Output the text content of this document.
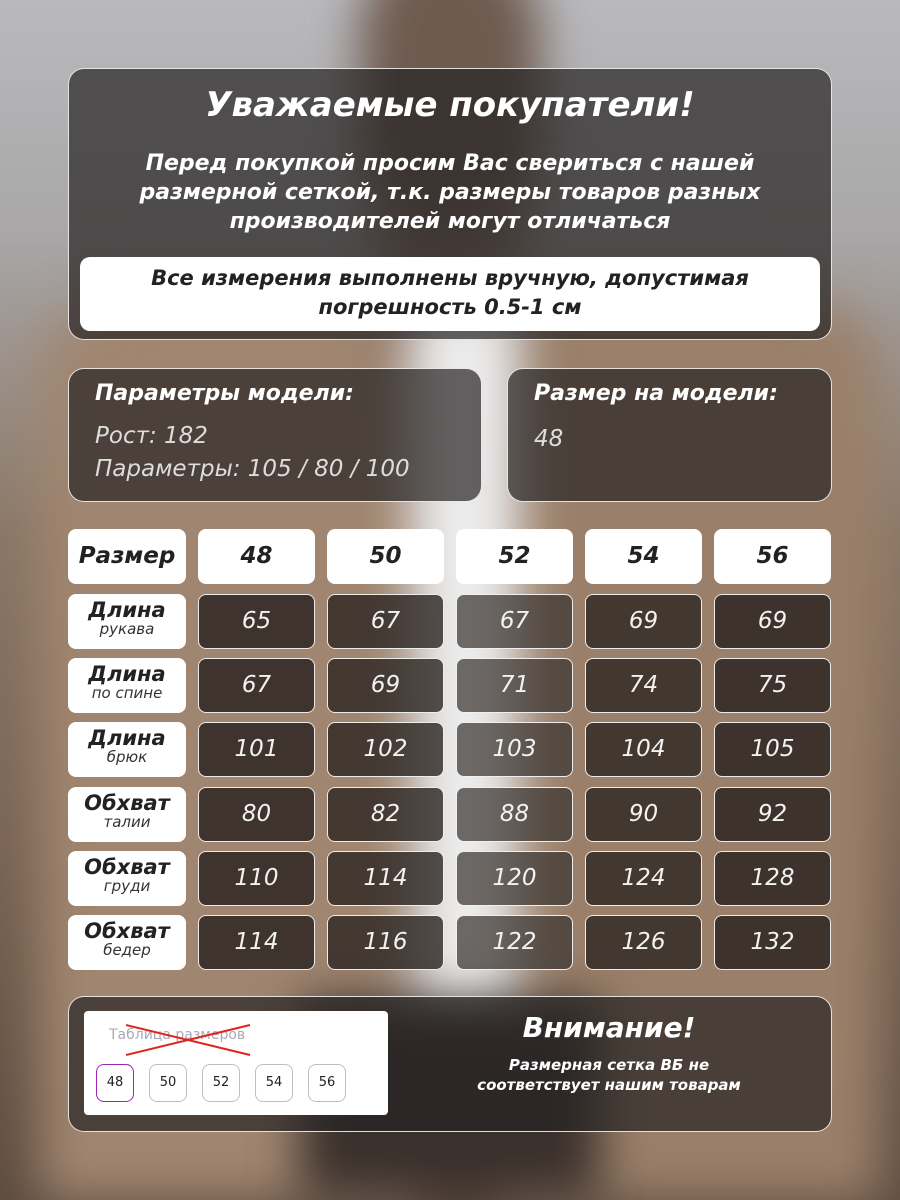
Уважаемые покупатели!
Перед покупкой просим Вас свериться с нашей размерной сеткой, т.к. размеры товаров разных производителей могут отличаться
Все измерения выполнены вручную, допустимая погрешность 0.5-1 см
Параметры модели:
Рост: 182
Параметры: 105 / 80 / 100
Размер на модели:
48
Размер	48	50	52	54	56
Длина
рукава	65	67	67	69	69
Длина
по спине	67	69	71	74	75
Длина
брюк	101	102	103	104	105
Обхват
талии	80	82	88	90	92
Обхват
груди	110	114	120	124	128
Обхват
бедер	114	116	122	126	132
Таблица размеров
48	50	52	54	56
Внимание!
Размерная сетка ВБ не соответствует нашим товарам
